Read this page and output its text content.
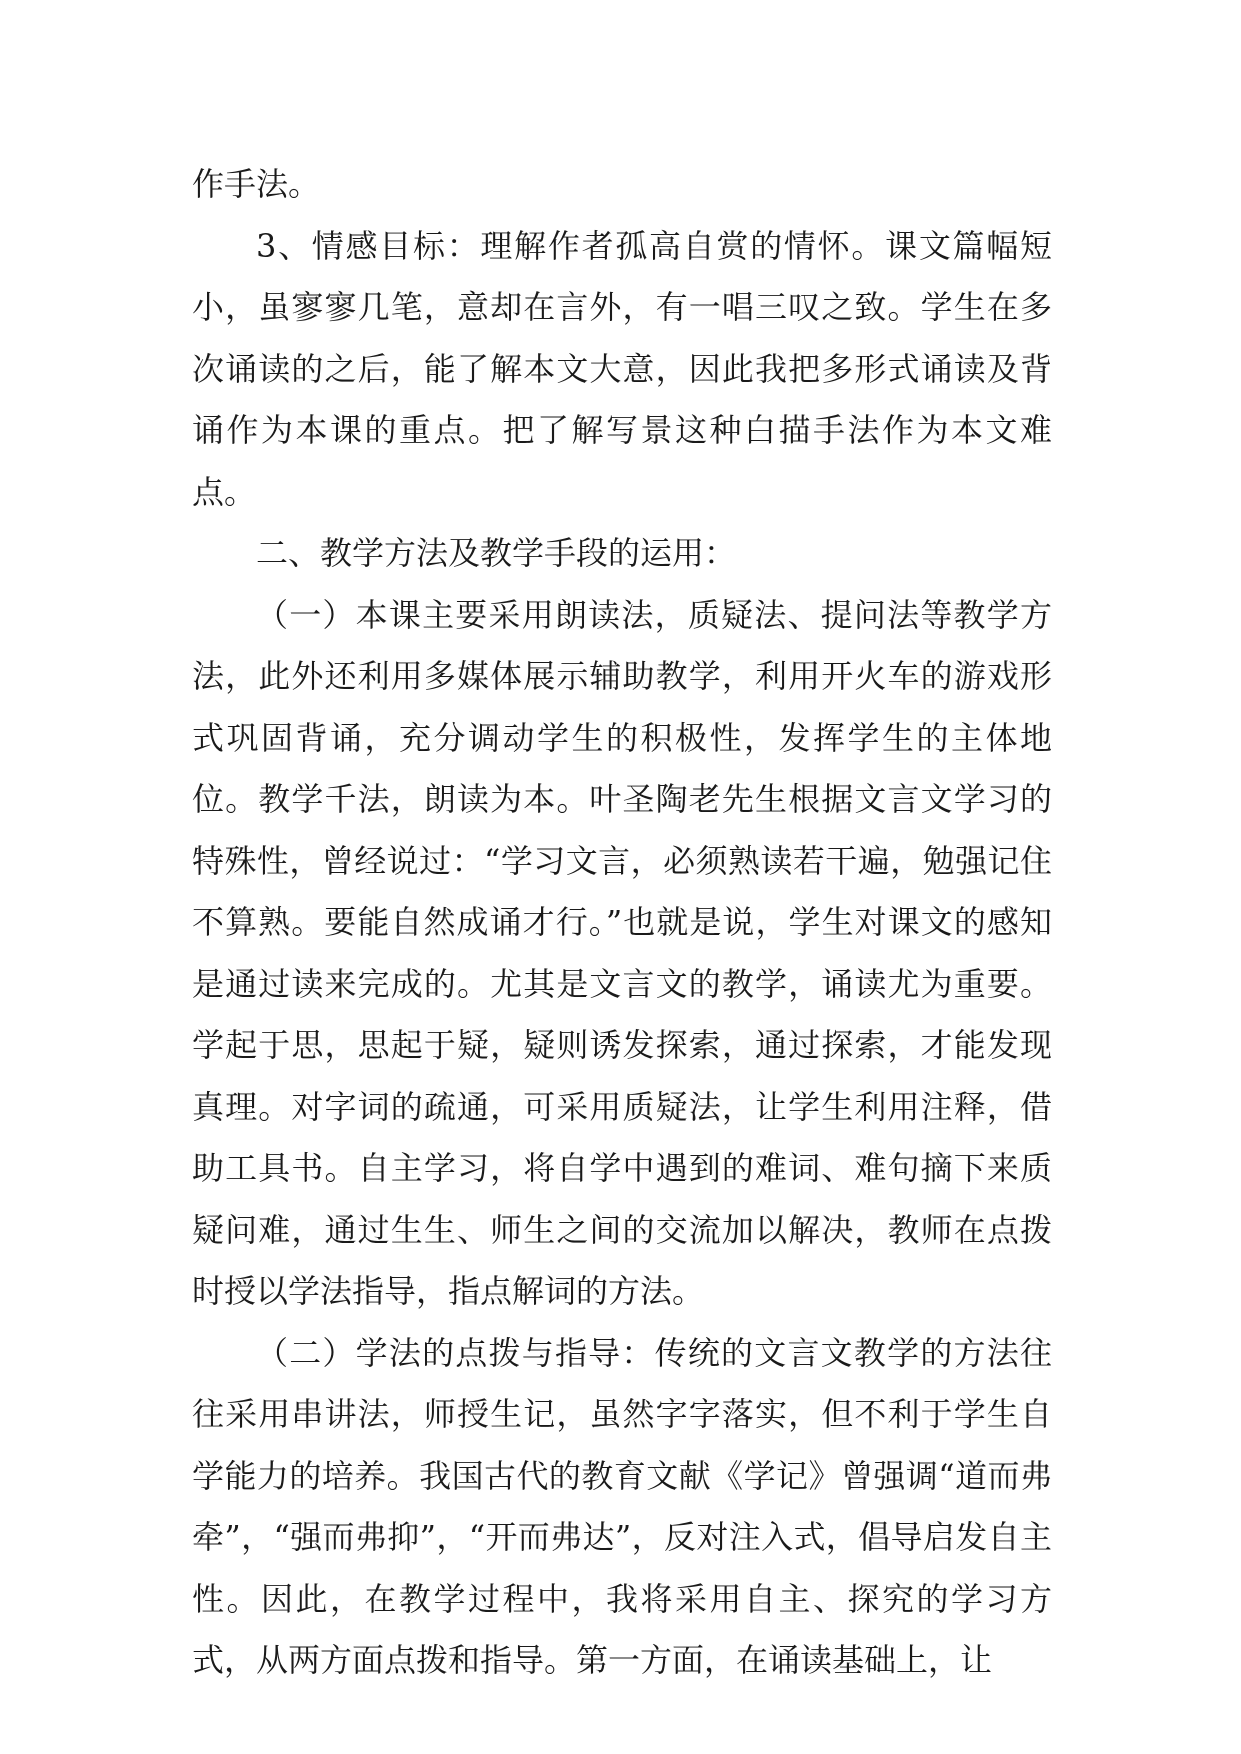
作手法。

3、情感目标：理解作者孤高自赏的情怀。课文篇幅短小，虽寥寥几笔，意却在言外，有一唱三叹之致。学生在多次诵读的之后，能了解本文大意，因此我把多形式诵读及背诵作为本课的重点。把了解写景这种白描手法作为本文难点。

二、教学方法及教学手段的运用：

（一）本课主要采用朗读法，质疑法、提问法等教学方法，此外还利用多媒体展示辅助教学，利用开火车的游戏形式巩固背诵，充分调动学生的积极性，发挥学生的主体地位。教学千法，朗读为本。叶圣陶老先生根据文言文学习的特殊性，曾经说过：“学习文言，必须熟读若干遍，勉强记住不算熟。要能自然成诵才行。”也就是说，学生对课文的感知是通过读来完成的。尤其是文言文的教学，诵读尤为重要。学起于思，思起于疑，疑则诱发探索，通过探索，才能发现真理。对字词的疏通，可采用质疑法，让学生利用注释，借助工具书。自主学习，将自学中遇到的难词、难句摘下来质疑问难，通过生生、师生之间的交流加以解决，教师在点拨时授以学法指导，指点解词的方法。

（二）学法的点拨与指导：传统的文言文教学的方法往往采用串讲法，师授生记，虽然字字落实，但不利于学生自学能力的培养。我国古代的教育文献《学记》曾强调“道而弗牵”，“强而弗抑”，“开而弗达”，反对注入式，倡导启发自主性。因此，在教学过程中，我将采用自主、探究的学习方式，从两方面点拨和指导。第一方面，在诵读基础上，让
